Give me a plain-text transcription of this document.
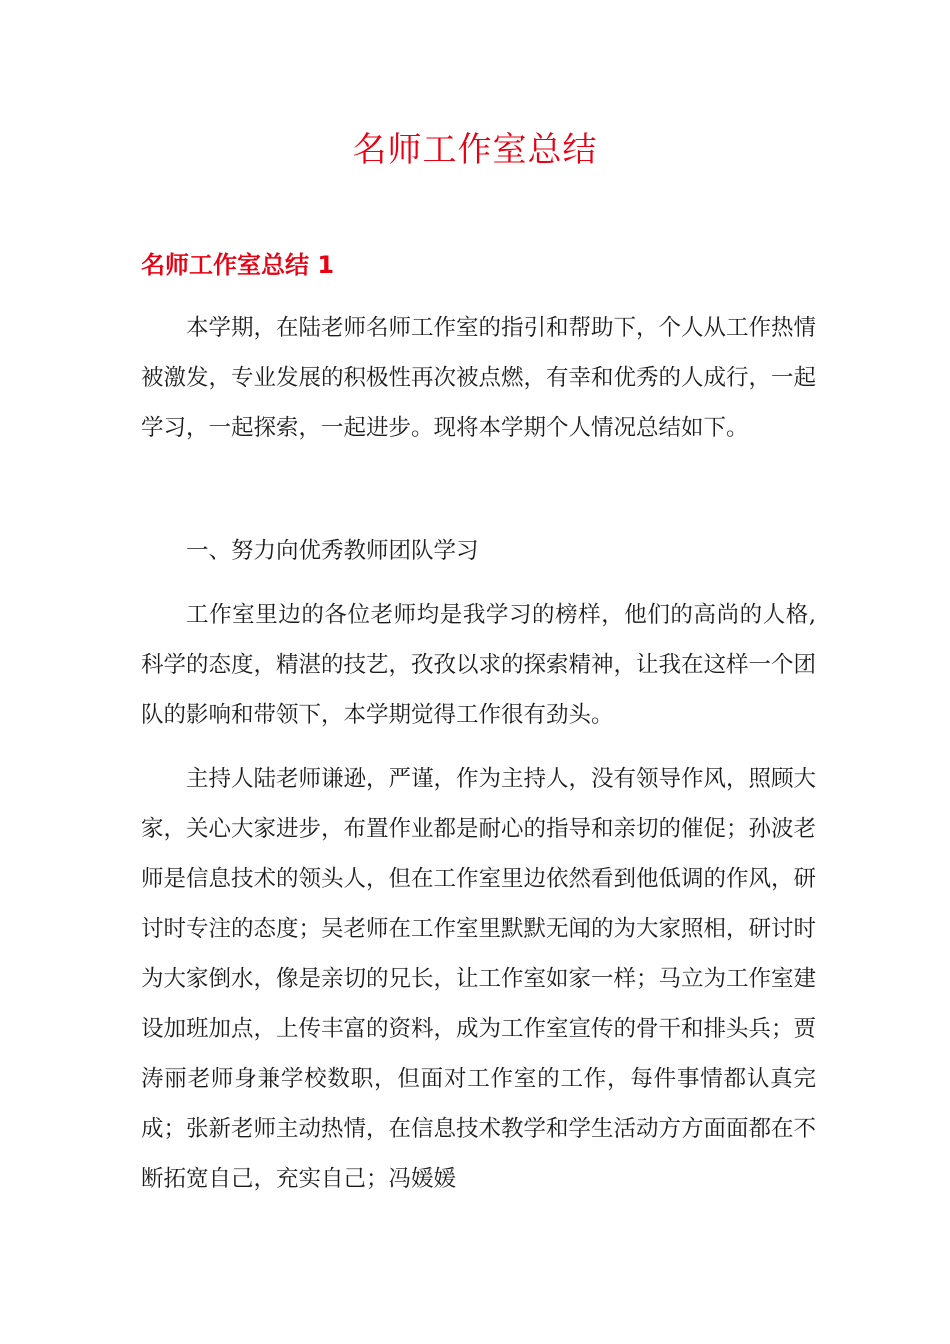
名师工作室总结
名师工作室总结 1

本学期，在陆老师名师工作室的指引和帮助下，个人从工作热情被激发，专业发展的积极性再次被点燃，有幸和优秀的人成行，一起学习，一起探索，一起进步。现将本学期个人情况总结如下。

一、努力向优秀教师团队学习

工作室里边的各位老师均是我学习的榜样，他们的高尚的人格,科学的态度，精湛的技艺，孜孜以求的探索精神，让我在这样一个团队的影响和带领下，本学期觉得工作很有劲头。

主持人陆老师谦逊，严谨，作为主持人，没有领导作风，照顾大家，关心大家进步，布置作业都是耐心的指导和亲切的催促；孙波老师是信息技术的领头人，但在工作室里边依然看到他低调的作风，研讨时专注的态度；吴老师在工作室里默默无闻的为大家照相，研讨时为大家倒水，像是亲切的兄长，让工作室如家一样；马立为工作室建设加班加点，上传丰富的资料，成为工作室宣传的骨干和排头兵；贾涛丽老师身兼学校数职，但面对工作室的工作，每件事情都认真完成；张新老师主动热情，在信息技术教学和学生活动方方面面都在不断拓宽自己，充实自己；冯媛媛
